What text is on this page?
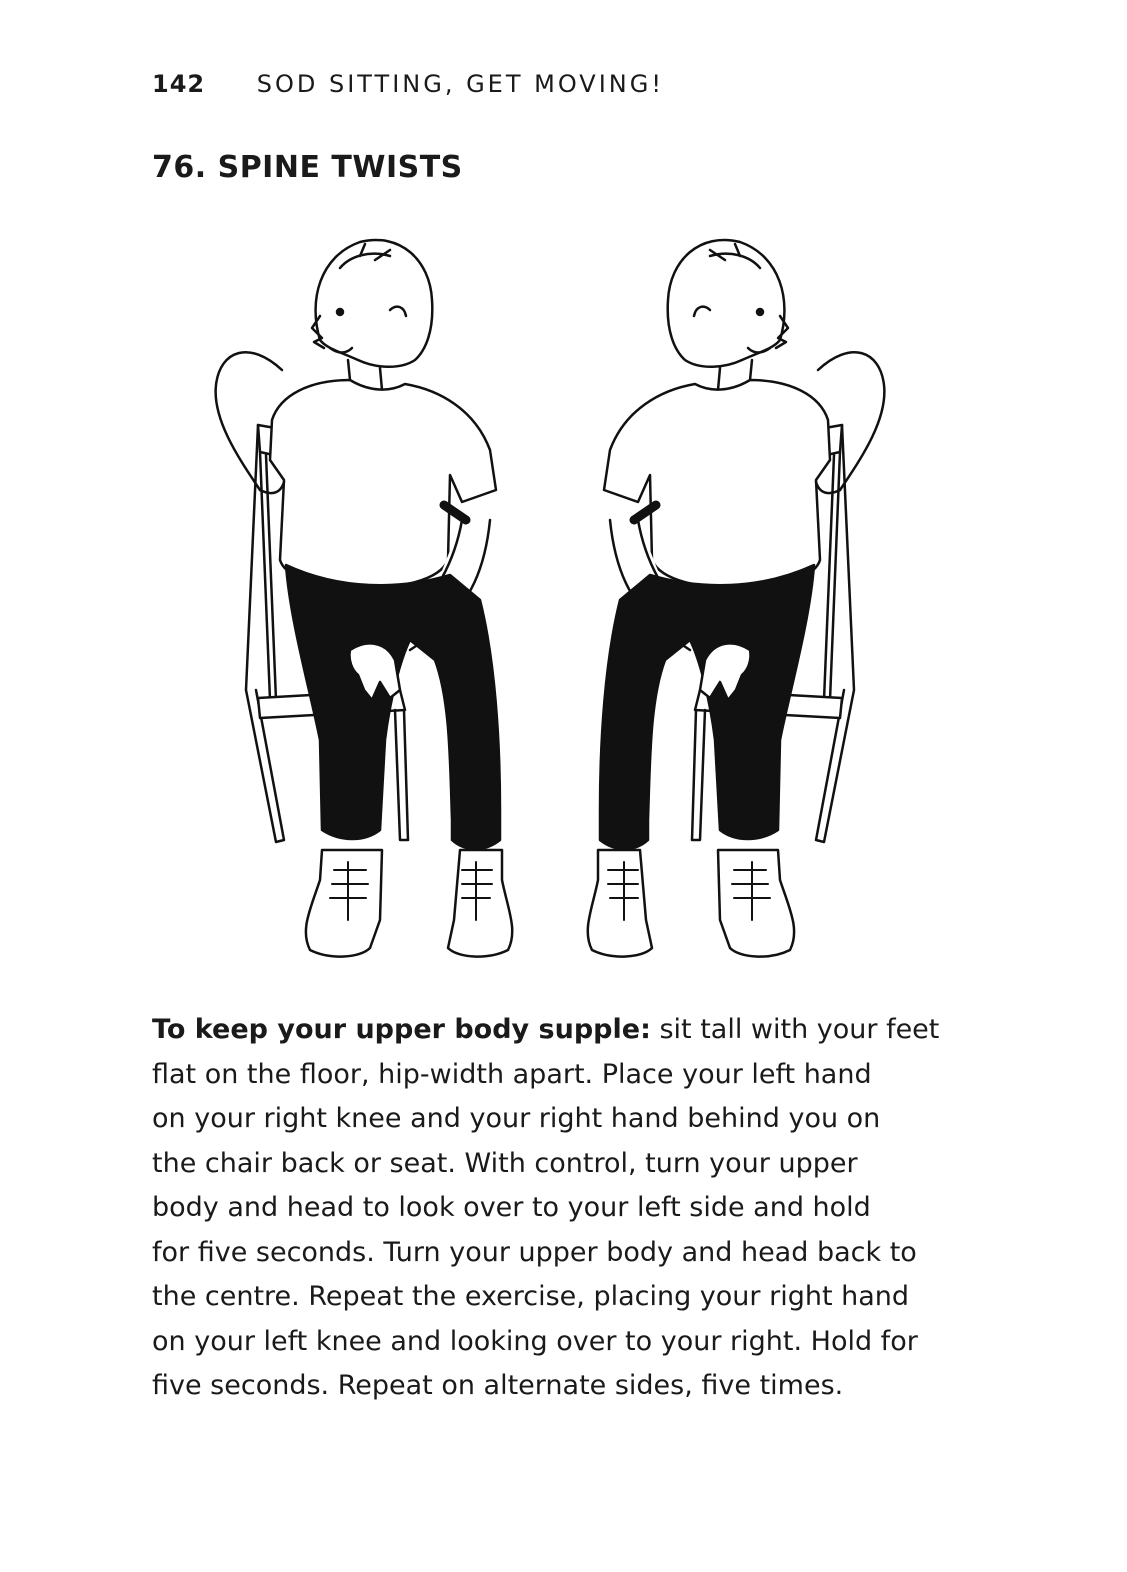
142 SOD SITTING, GET MOVING!
76. SPINE TWISTS

To keep your upper body supple: sit tall with your feet
flat on the floor, hip-width apart. Place your left hand
on your right knee and your right hand behind you on
the chair back or seat. With control, turn your upper
body and head to look over to your left side and hold
for five seconds. Turn your upper body and head back to
the centre. Repeat the exercise, placing your right hand
on your left knee and looking over to your right. Hold for
five seconds. Repeat on alternate sides, five times.
